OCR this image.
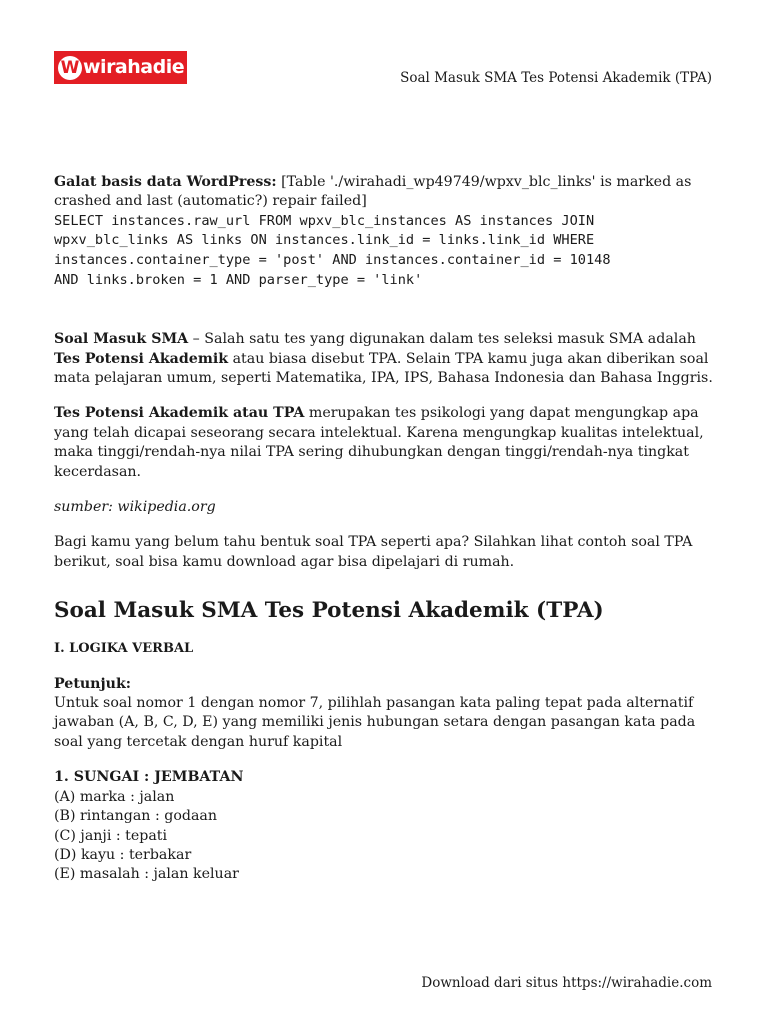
W wirahadie	Soal Masuk SMA Tes Potensi Akademik (TPA)

Galat basis data WordPress: [Table './wirahadi_wp49749/wpxv_blc_links' is marked as crashed and last (automatic?) repair failed]

SELECT instances.raw_url FROM wpxv_blc_instances AS instances JOIN
wpxv_blc_links AS links ON instances.link_id = links.link_id WHERE
instances.container_type = 'post' AND instances.container_id = 10148
AND links.broken = 1 AND parser_type = 'link'

Soal Masuk SMA – Salah satu tes yang digunakan dalam tes seleksi masuk SMA adalah Tes Potensi Akademik atau biasa disebut TPA. Selain TPA kamu juga akan diberikan soal mata pelajaran umum, seperti Matematika, IPA, IPS, Bahasa Indonesia dan Bahasa Inggris.

Tes Potensi Akademik atau TPA merupakan tes psikologi yang dapat mengungkap apa yang telah dicapai seseorang secara intelektual. Karena mengungkap kualitas intelektual, maka tinggi/rendah-nya nilai TPA sering dihubungkan dengan tinggi/rendah-nya tingkat kecerdasan.

sumber: wikipedia.org

Bagi kamu yang belum tahu bentuk soal TPA seperti apa? Silahkan lihat contoh soal TPA berikut, soal bisa kamu download agar bisa dipelajari di rumah.

Soal Masuk SMA Tes Potensi Akademik (TPA)
I. LOGIKA VERBAL

Petunjuk:

Untuk soal nomor 1 dengan nomor 7, pilihlah pasangan kata paling tepat pada alternatif jawaban (A, B, C, D, E) yang memiliki jenis hubungan setara dengan pasangan kata pada soal yang tercetak dengan huruf kapital

1. SUNGAI : JEMBATAN

(A) marka : jalan

(B) rintangan : godaan

(C) janji : tepati

(D) kayu : terbakar

(E) masalah : jalan keluar

Download dari situs https://wirahadie.com
